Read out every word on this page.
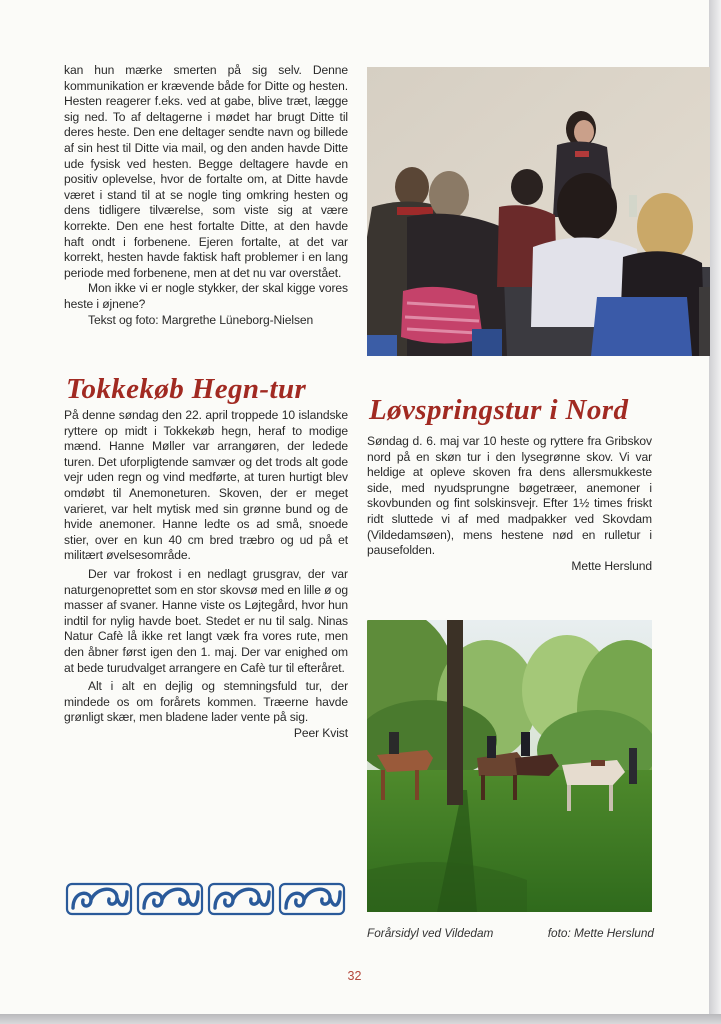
kan hun mærke smerten på sig selv. Denne kommunikation er krævende både for Ditte og hesten. Hesten reagerer f.eks. ved at gabe, blive træt, lægge sig ned. To af deltagerne i mødet har brugt Ditte til deres heste. Den ene deltager sendte navn og billede af sin hest til Ditte via mail, og den anden havde Ditte ude fysisk ved hesten. Begge deltagere havde en positiv oplevelse, hvor de fortalte om, at Ditte havde været i stand til at se nogle ting omkring hesten og dens tidligere tilværelse, som viste sig at være korrekte. Den ene hest fortalte Ditte, at den havde haft ondt i forbenene. Ejeren fortalte, at det var korrekt, hesten havde faktisk haft problemer i en lang periode med forbenene, men at det nu var overstået.

Mon ikke vi er nogle stykker, der skal kigge vores heste i øjnene?

Tekst og foto: Margrethe Lüneborg-Nielsen

Tokkekøb Hegn-tur

På denne søndag den 22. april troppede 10 islandske ryttere op midt i Tokkekøb hegn, heraf to modige mænd. Hanne Møller var arrangøren, der ledede turen. Det uforpligtende samvær og det trods alt gode vejr uden regn og vind medførte, at turen hurtigt blev omdøbt til Anemoneturen. Skoven, der er meget varieret, var helt mytisk med sin grønne bund og de hvide anemoner. Hanne ledte os ad små, snoede stier, over en kun 40 cm bred træbro og ud på et militært øvelsesområde.

Der var frokost i en nedlagt grusgrav, der var naturgenoprettet som en stor skovsø med en lille ø og masser af svaner. Hanne viste os Løjtegård, hvor hun indtil for nylig havde boet. Stedet er nu til salg. Ninas Natur Cafè lå ikke ret langt væk fra vores rute, men den åbner først igen den 1. maj. Der var enighed om at bede turudvalget arrangere en Cafè tur til efteråret.

Alt i alt en dejlig og stemningsfuld tur, der mindede os om forårets kommen. Træerne havde grønligt skær, men bladene lader vente på sig.

Peer Kvist

Løvspringstur i Nord

Søndag d. 6. maj var 10 heste og ryttere fra Gribskov nord på en skøn tur i den lysegrønne skov. Vi var heldige at opleve skoven fra dens allersmukkeste side, med nyudsprungne bøgetræer, anemoner i skovbunden og fint solskinsvejr. Efter 1½ times friskt ridt sluttede vi af med madpakker ved Skovdam (Vildedamsøen), mens hestene nød en rulletur i pausefolden.

Mette Herslund

Forårsidyl ved Vildedam	foto: Mette Herslund
32
